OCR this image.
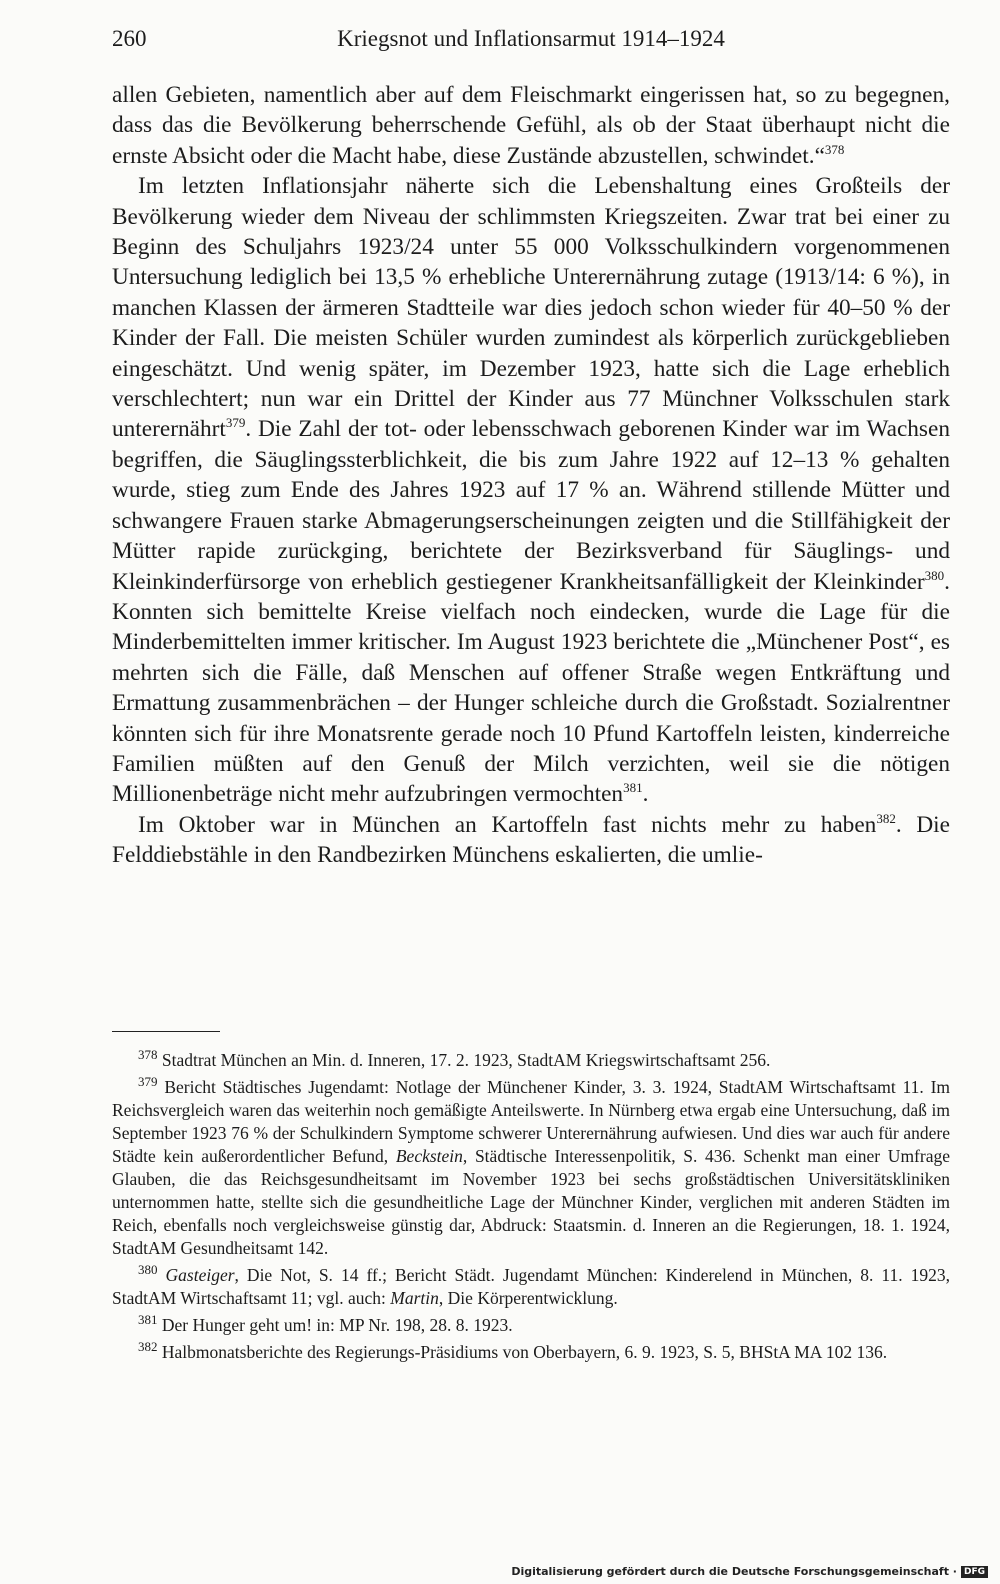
260	Kriegsnot und Inflationsarmut 1914–1924

allen Gebieten, namentlich aber auf dem Fleischmarkt eingerissen hat, so zu begegnen, dass das die Bevölkerung beherrschende Gefühl, als ob der Staat überhaupt nicht die ernste Absicht oder die Macht habe, diese Zustände abzustellen, schwindet.“$^{378}$

Im letzten Inflationsjahr näherte sich die Lebenshaltung eines Großteils der Bevölkerung wieder dem Niveau der schlimmsten Kriegszeiten. Zwar trat bei einer zu Beginn des Schuljahrs 1923/24 unter 55 000 Volksschulkindern vorgenommenen Untersuchung lediglich bei 13,5 % erhebliche Unterernährung zutage (1913/14: 6 %), in manchen Klassen der ärmeren Stadtteile war dies jedoch schon wieder für 40–50 % der Kinder der Fall. Die meisten Schüler wurden zumindest als körperlich zurückgeblieben eingeschätzt. Und wenig später, im Dezember 1923, hatte sich die Lage erheblich verschlechtert; nun war ein Drittel der Kinder aus 77 Münchner Volksschulen stark unterernährt$^{379}$. Die Zahl der tot- oder lebensschwach geborenen Kinder war im Wachsen begriffen, die Säuglingssterblichkeit, die bis zum Jahre 1922 auf 12–13 % gehalten wurde, stieg zum Ende des Jahres 1923 auf 17 % an. Während stillende Mütter und schwangere Frauen starke Abmagerungserscheinungen zeigten und die Stillfähigkeit der Mütter rapide zurückging, berichtete der Bezirksverband für Säuglings- und Kleinkinderfürsorge von erheblich gestiegener Krankheitsanfälligkeit der Kleinkinder$^{380}$. Konnten sich bemittelte Kreise vielfach noch eindecken, wurde die Lage für die Minderbemittelten immer kritischer. Im August 1923 berichtete die „Münchener Post“, es mehrten sich die Fälle, daß Menschen auf offener Straße wegen Entkräftung und Ermattung zusammenbrächen – der Hunger schleiche durch die Großstadt. Sozialrentner könnten sich für ihre Monatsrente gerade noch 10 Pfund Kartoffeln leisten, kinderreiche Familien müßten auf den Genuß der Milch verzichten, weil sie die nötigen Millionenbeträge nicht mehr aufzubringen vermochten$^{381}$.

Im Oktober war in München an Kartoffeln fast nichts mehr zu haben$^{382}$. Die Felddiebstähle in den Randbezirken Münchens eskalierten, die umlie-

$^{378}$ Stadtrat München an Min. d. Inneren, 17. 2. 1923, StadtAM Kriegswirtschaftsamt 256.

$^{379}$ Bericht Städtisches Jugendamt: Notlage der Münchener Kinder, 3. 3. 1924, StadtAM Wirtschaftsamt 11. Im Reichsvergleich waren das weiterhin noch gemäßigte Anteilswerte. In Nürnberg etwa ergab eine Untersuchung, daß im September 1923 76 % der Schulkindern Symptome schwerer Unterernährung aufwiesen. Und dies war auch für andere Städte kein außerordentlicher Befund, Beckstein, Städtische Interessenpolitik, S. 436. Schenkt man einer Umfrage Glauben, die das Reichsgesundheitsamt im November 1923 bei sechs großstädtischen Universitätskliniken unternommen hatte, stellte sich die gesundheitliche Lage der Münchner Kinder, verglichen mit anderen Städten im Reich, ebenfalls noch vergleichsweise günstig dar, Abdruck: Staatsmin. d. Inneren an die Regierungen, 18. 1. 1924, StadtAM Gesundheitsamt 142.

$^{380}$ Gasteiger, Die Not, S. 14 ff.; Bericht Städt. Jugendamt München: Kinderelend in München, 8. 11. 1923, StadtAM Wirtschaftsamt 11; vgl. auch: Martin, Die Körperentwicklung.

$^{381}$ Der Hunger geht um! in: MP Nr. 198, 28. 8. 1923.

$^{382}$ Halbmonatsberichte des Regierungs-Präsidiums von Oberbayern, 6. 9. 1923, S. 5, BHStA MA 102 136.

Digitalisierung gefördert durch die Deutsche Forschungsgemeinschaft · DFG
